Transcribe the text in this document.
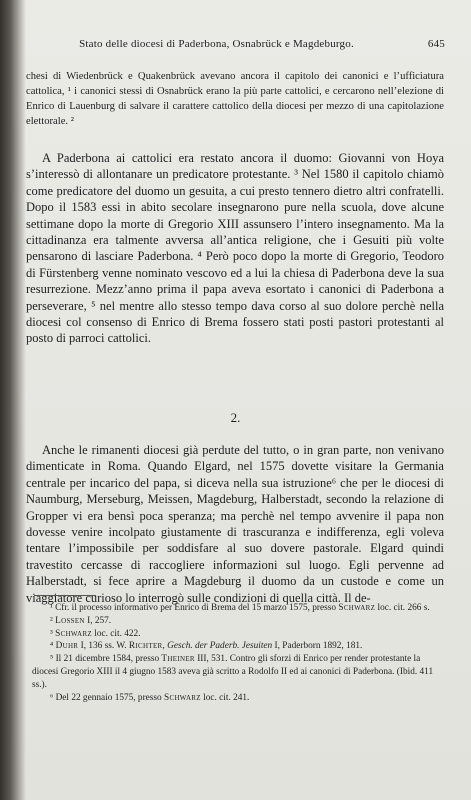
Stato delle diocesi di Paderbona, Osnabrück e Magdeburgo.	645

chesi di Wiedenbrück e Quakenbrück avevano ancora il capitolo dei canonici e l’ufficiatura cattolica, ¹ i canonici stessi di Osnabrück erano la più parte cattolici, e cercarono nell’elezione di Enrico di Lauenburg di salvare il carattere cattolico della diocesi per mezzo di una capitolazione elettorale. ²

A Paderbona ai cattolici era restato ancora il duomo: Giovanni von Hoya s’interessò di allontanare un predicatore protestante. ³ Nel 1580 il capitolo chiamò come predicatore del duomo un gesuita, a cui presto tennero dietro altri confratelli. Dopo il 1583 essi in abito secolare insegnarono pure nella scuola, dove alcune settimane dopo la morte di Gregorio XIII assunsero l’intero insegnamento. Ma la cittadinanza era talmente avversa all’antica religione, che i Gesuiti più volte pensarono di lasciare Paderbona. ⁴ Però poco dopo la morte di Gregorio, Teodoro di Fürstenberg venne nominato vescovo ed a lui la chiesa di Paderbona deve la sua resurrezione. Mezz’anno prima il papa aveva esortato i canonici di Paderbona a perseverare, ⁵ nel mentre allo stesso tempo dava corso al suo dolore perchè nella diocesi col consenso di Enrico di Brema fossero stati posti pastori protestanti al posto di parroci cattolici.

2.

Anche le rimanenti diocesi già perdute del tutto, o in gran parte, non venivano dimenticate in Roma. Quando Elgard, nel 1575 dovette visitare la Germania centrale per incarico del papa, si diceva nella sua istruzione⁶ che per le diocesi di Naumburg, Merseburg, Meissen, Magdeburg, Halberstadt, secondo la relazione di Gropper vi era bensì poca speranza; ma perchè nel tempo avvenire il papa non dovesse venire incolpato giustamente di trascuranza e indifferenza, egli voleva tentare l’impossibile per soddisfare al suo dovere pastorale. Elgard quindi travestito cercasse di raccogliere informazioni sul luogo. Egli pervenne ad Halberstadt, si fece aprire a Magdeburg il duomo da un custode e come un viaggiatore curioso lo interrogò sulle condizioni di quella città. Il de-

¹ Cfr. il processo informativo per Enrico di Brema del 15 marzo 1575, presso Schwarz loc. cit. 266 s.

² Lossen I, 257.

³ Schwarz loc. cit. 422.

⁴ Duhr I, 136 ss. W. Richter, Gesch. der Paderb. Jesuiten I, Paderborn 1892, 181.

⁵ Il 21 dicembre 1584, presso Theiner III, 531. Contro gli sforzi di Enrico per render protestante la diocesi Gregorio XIII il 4 giugno 1583 aveva già scritto a Rodolfo II ed ai canonici di Paderbona. (Ibid. 411 ss.).

⁶ Del 22 gennaio 1575, presso Schwarz loc. cit. 241.
